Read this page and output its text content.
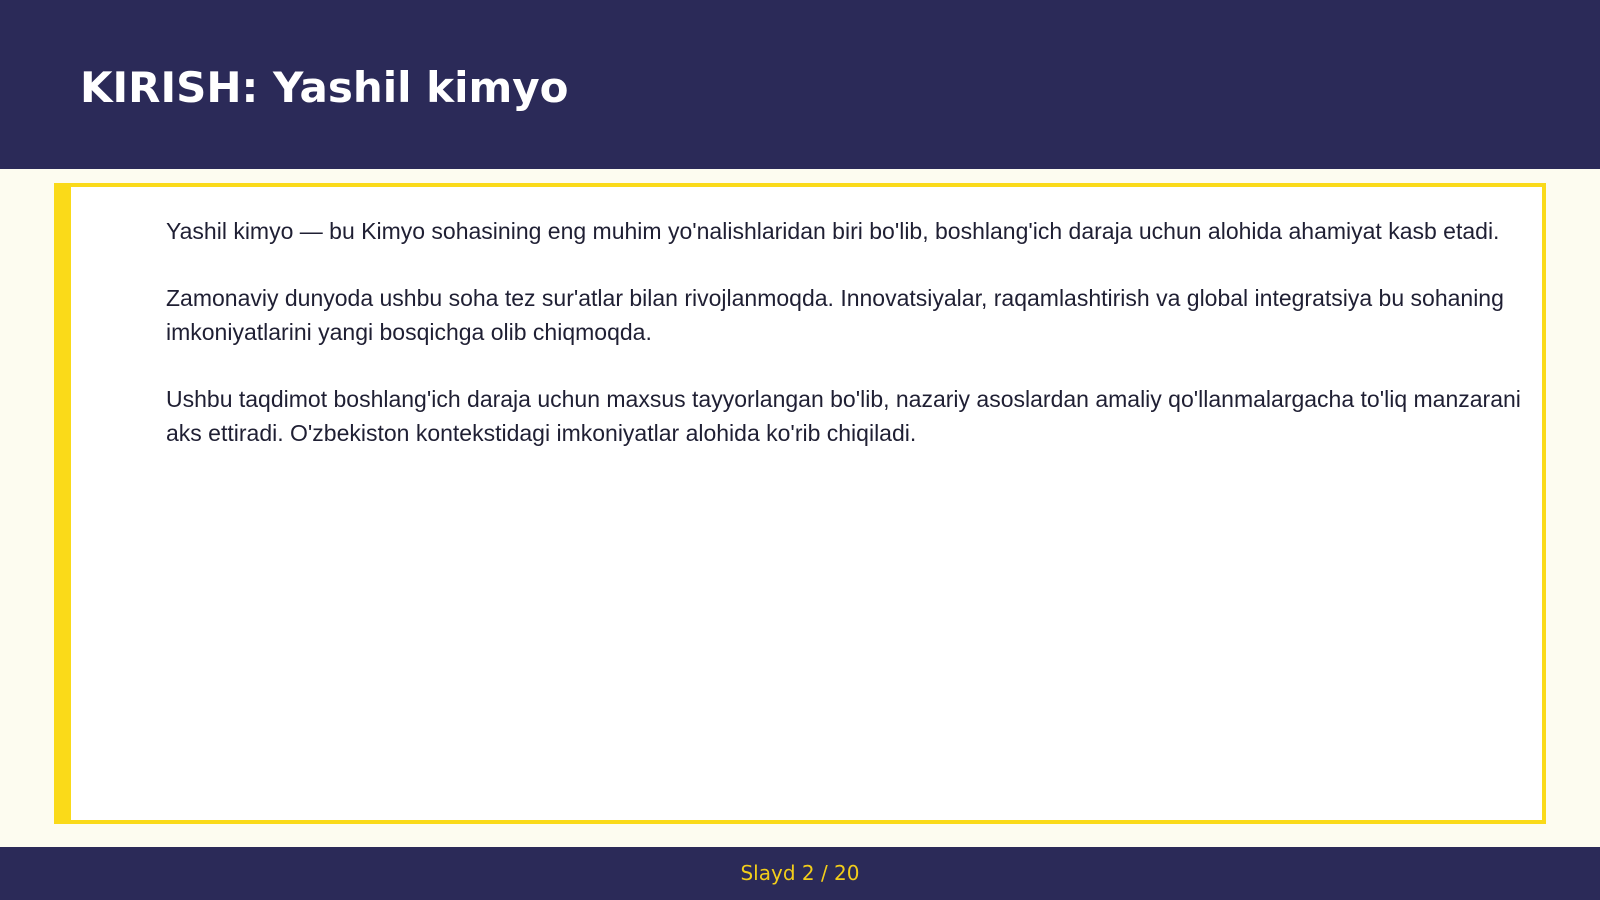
KIRISH: Yashil kimyo

Yashil kimyo — bu Kimyo sohasining eng muhim yo'nalishlaridan biri bo'lib, boshlang'ich daraja uchun alohida ahamiyat kasb etadi.

Zamonaviy dunyoda ushbu soha tez sur'atlar bilan rivojlanmoqda. Innovatsiyalar, raqamlashtirish va global integratsiya bu sohaning imkoniyatlarini yangi bosqichga olib chiqmoqda.

Ushbu taqdimot boshlang'ich daraja uchun maxsus tayyorlangan bo'lib, nazariy asoslardan amaliy qo'llanmalargacha to'liq manzarani aks ettiradi. O'zbekiston kontekstidagi imkoniyatlar alohida ko'rib chiqiladi.

Slayd 2 / 20
